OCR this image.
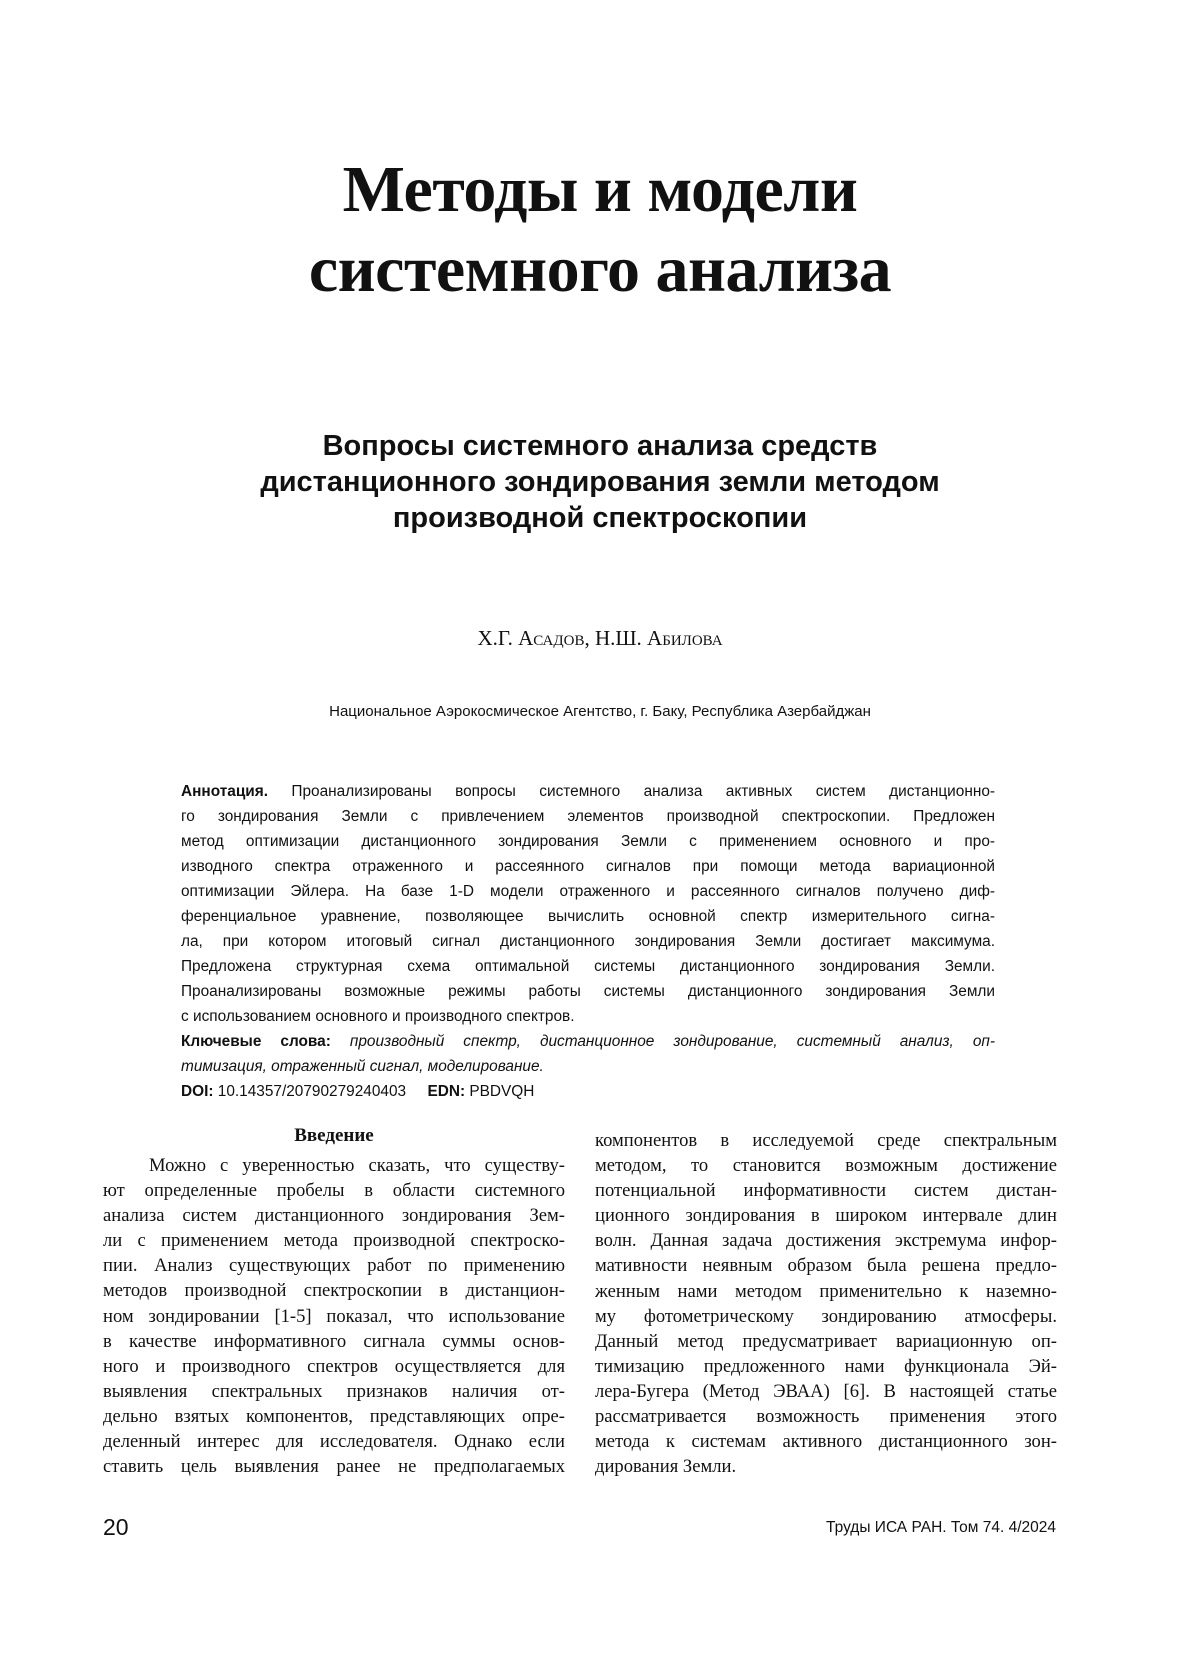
Методы и модели
системного анализа
Вопросы системного анализа средств
дистанционного зондирования земли методом
производной спектроскопии
Х.Г. Асадов, Н.Ш. Абилова
Национальное Аэрокосмическое Агентство, г. Баку, Республика Азербайджан
Аннотация. Проанализированы вопросы системного анализа активных систем дистанционно-
го зондирования Земли с привлечением элементов производной спектроскопии. Предложен
метод оптимизации дистанционного зондирования Земли с применением основного и про-
изводного спектра отраженного и рассеянного сигналов при помощи метода вариационной
оптимизации Эйлера. На базе 1-D модели отраженного и рассеянного сигналов получено диф-
ференциальное уравнение, позволяющее вычислить основной спектр измерительного сигна-
ла, при котором итоговый сигнал дистанционного зондирования Земли достигает максимума.
Предложена структурная схема оптимальной системы дистанционного зондирования Земли.
Проанализированы возможные режимы работы системы дистанционного зондирования Земли
с использованием основного и производного спектров.
Ключевые слова: производный спектр, дистанционное зондирование, системный анализ, оп-
тимизация, отраженный сигнал, моделирование.
DOI: 10.14357/20790279240403 EDN: PBDVQH
Введение
Можно с уверенностью сказать, что существу-
ют определенные пробелы в области системного
анализа систем дистанционного зондирования Зем-
ли с применением метода производной спектроско-
пии. Анализ существующих работ по применению
методов производной спектроскопии в дистанцион-
ном зондировании [1-5] показал, что использование
в качестве информативного сигнала суммы основ-
ного и производного спектров осуществляется для
выявления спектральных признаков наличия от-
дельно взятых компонентов, представляющих опре-
деленный интерес для исследователя. Однако если
ставить цель выявления ранее не предполагаемых
компонентов в исследуемой среде спектральным
методом, то становится возможным достижение
потенциальной информативности систем дистан-
ционного зондирования в широком интервале длин
волн. Данная задача достижения экстремума инфор-
мативности неявным образом была решена предло-
женным нами методом применительно к наземно-
му фотометрическому зондированию атмосферы.
Данный метод предусматривает вариационную оп-
тимизацию предложенного нами функционала Эй-
лера-Бугера (Метод ЭВАА) [6]. В настоящей статье
рассматривается возможность применения этого
метода к системам активного дистанционного зон-
дирования Земли.
20	Труды ИСА РАН. Том 74. 4/2024
